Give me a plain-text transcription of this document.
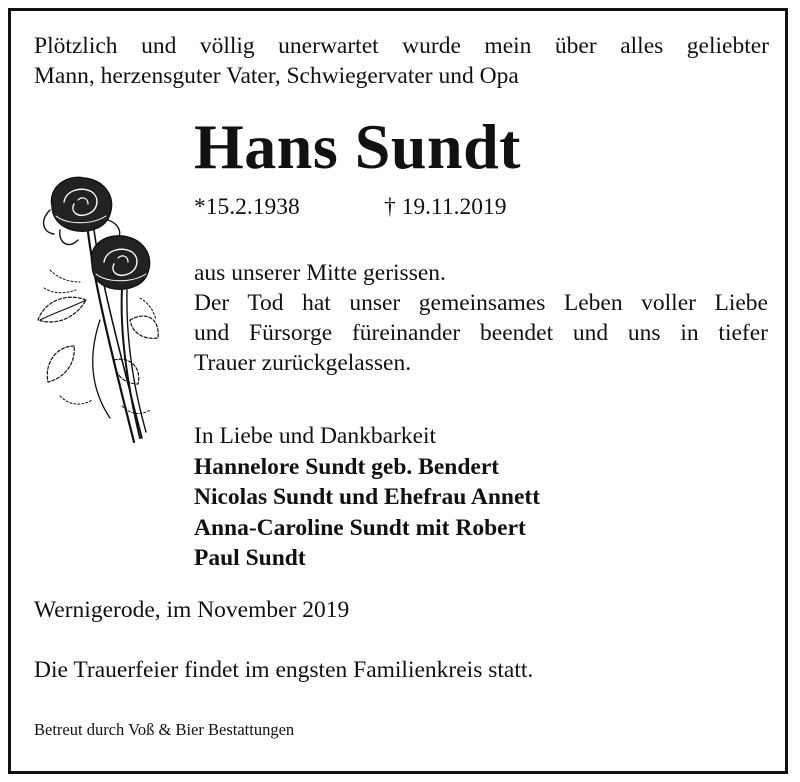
Plötzlich und völlig unerwartet wurde mein über alles geliebter
Mann, herzensguter Vater, Schwiegervater und Opa
Hans Sundt
*15.2.1938	† 19.11.2019
aus unserer Mitte gerissen.
Der Tod hat unser gemeinsames Leben voller Liebe
und Fürsorge füreinander beendet und uns in tiefer
Trauer zurückgelassen.
In Liebe und Dankbarkeit
Hannelore Sundt geb. Bendert
Nicolas Sundt und Ehefrau Annett
Anna-Caroline Sundt mit Robert
Paul Sundt
Wernigerode, im November 2019
Die Trauerfeier findet im engsten Familienkreis statt.
Betreut durch Voß & Bier Bestattungen
